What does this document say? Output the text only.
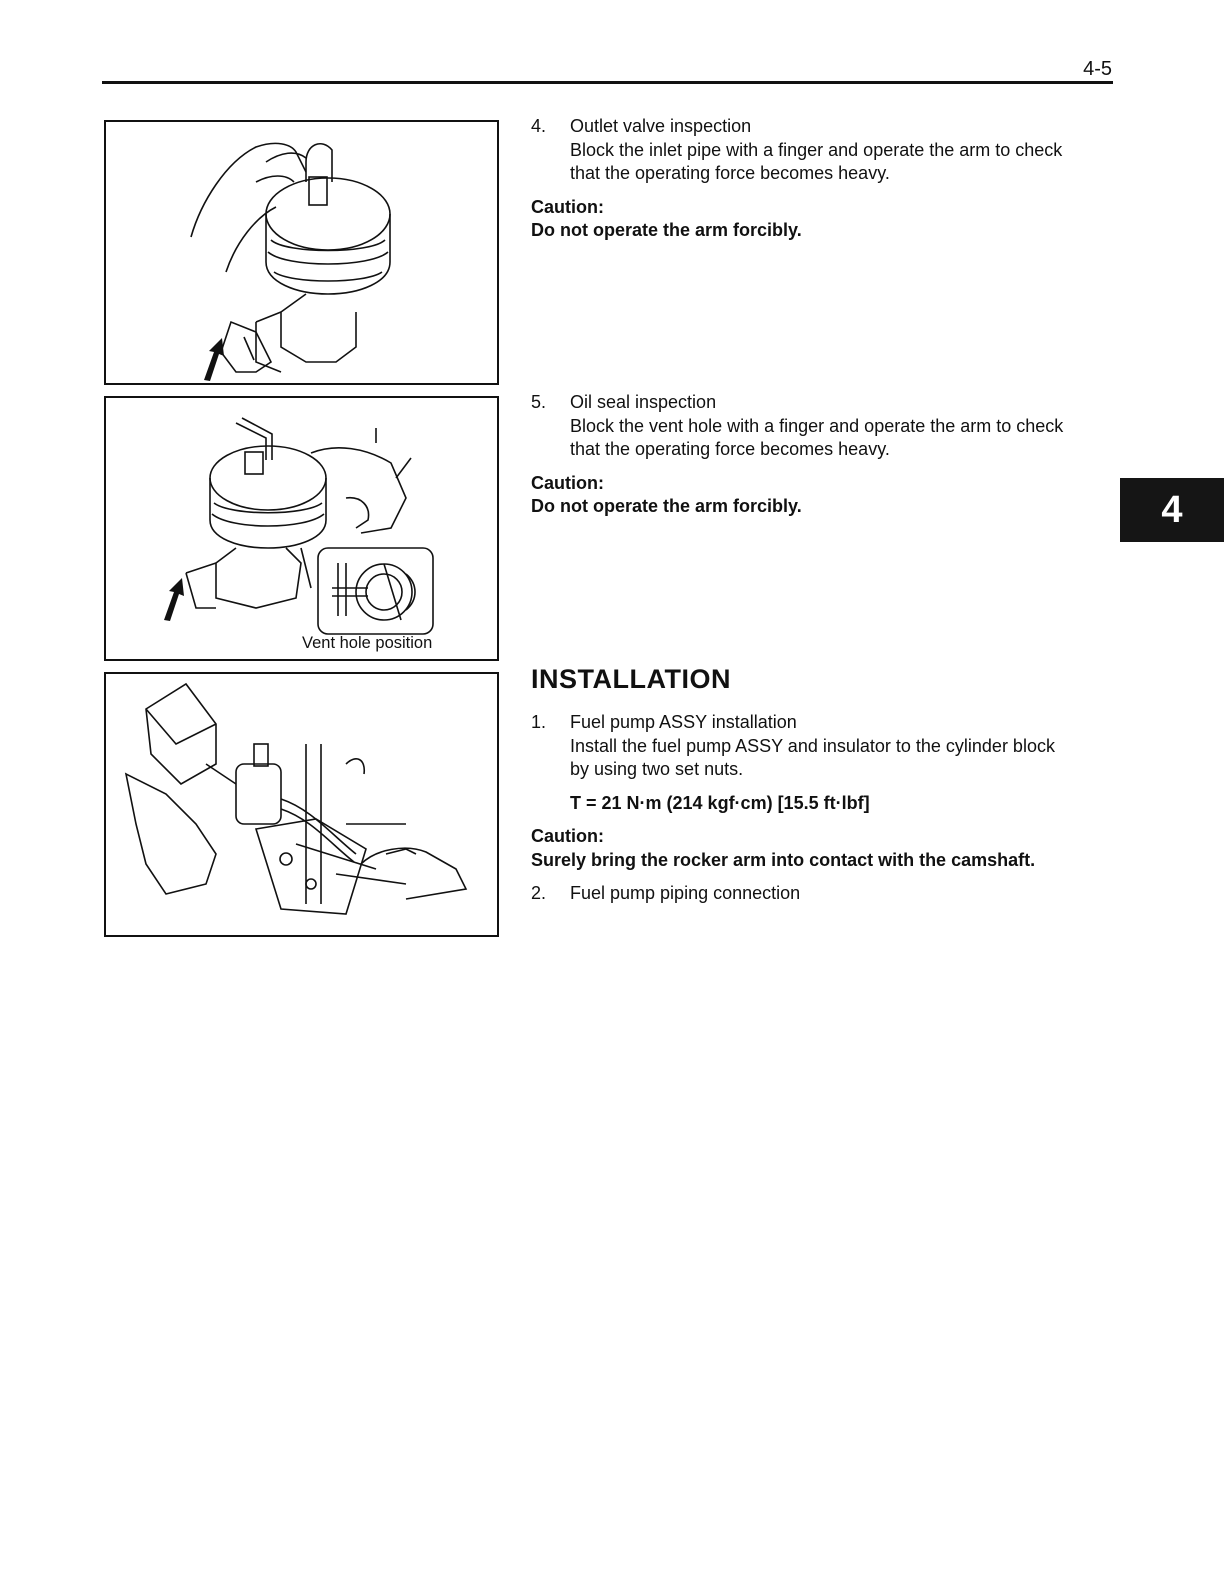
4-5
4
Vent hole position
4.	Outlet valve inspection
Block the inlet pipe with a finger and operate the arm to check
that the operating force becomes heavy.
Caution:
Do not operate the arm forcibly.
5.	Oil seal inspection
Block the vent hole with a finger and operate the arm to check
that the operating force becomes heavy.
Caution:
Do not operate the arm forcibly.
INSTALLATION
1.	Fuel pump ASSY installation
Install the fuel pump ASSY and insulator to the cylinder block
by using two set nuts.
T = 21 N·m (214 kgf·cm) [15.5 ft·lbf]
Caution:
Surely bring the rocker arm into contact with the camshaft.
2.	Fuel pump piping connection
